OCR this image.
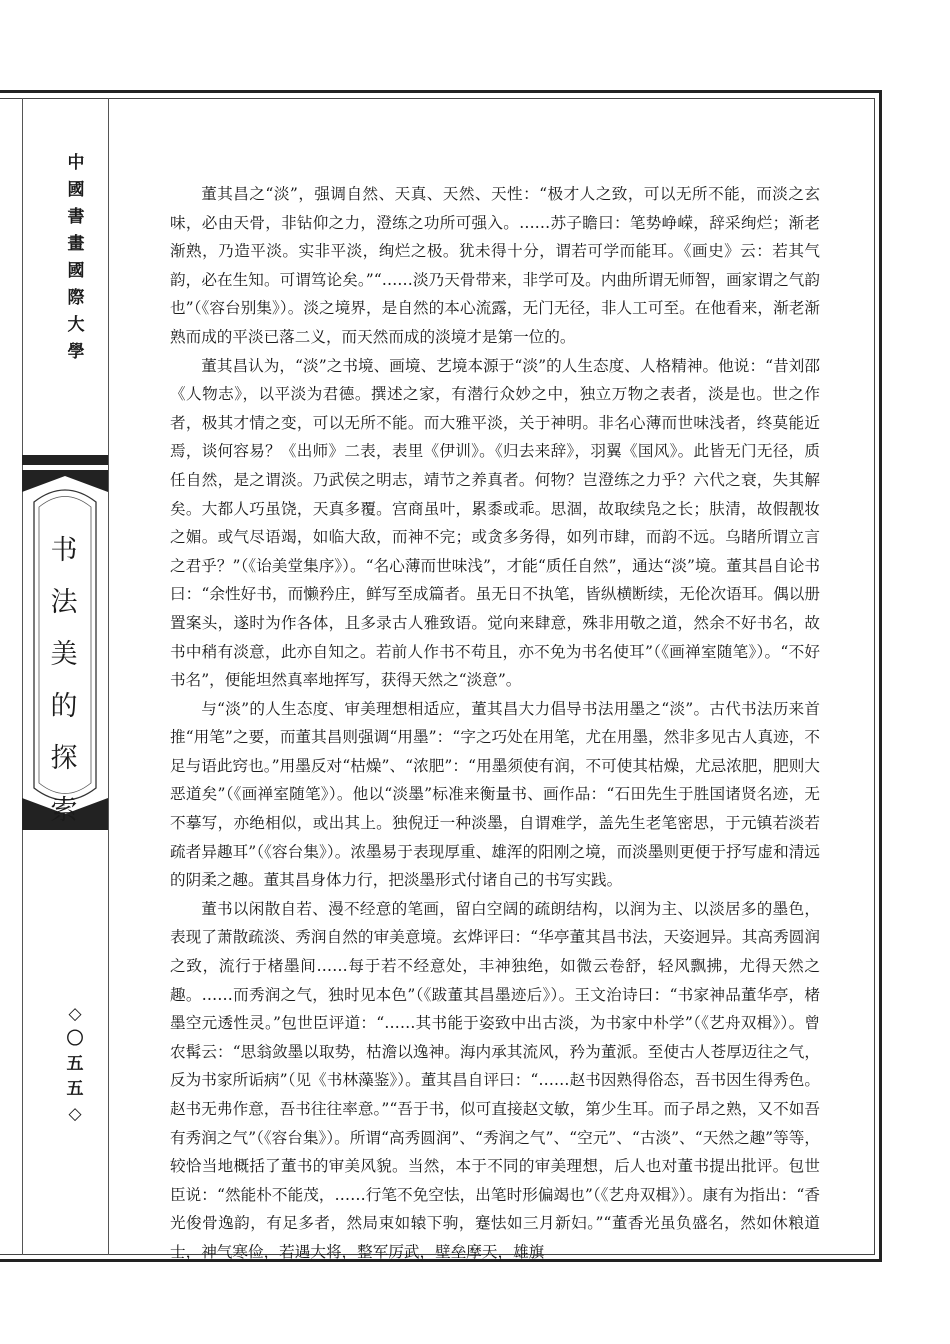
中
國
書
畫
國
際
大
學
书
法
美
的
探
索
◇
〇
五
五
◇

董其昌之“淡”，强调自然、天真、天然、天性：“极才人之致，可以无所不能，而淡之玄味，必由天骨，非钻仰之力，澄练之功所可强入。……苏子瞻曰：笔势峥嵘，辞采绚烂；渐老渐熟，乃造平淡。实非平淡，绚烂之极。犹未得十分，谓若可学而能耳。《画史》云：若其气韵，必在生知。可谓笃论矣。”“……淡乃天骨带来，非学可及。内曲所谓无师智，画家谓之气韵也”（《容台别集》）。淡之境界，是自然的本心流露，无门无径，非人工可至。在他看来，渐老渐熟而成的平淡已落二义，而天然而成的淡境才是第一位的。

董其昌认为，“淡”之书境、画境、艺境本源于“淡”的人生态度、人格精神。他说：“昔刘邵《人物志》，以平淡为君德。撰述之家，有潜行众妙之中，独立万物之表者，淡是也。世之作者，极其才情之变，可以无所不能。而大雅平淡，关于神明。非名心薄而世味浅者，终莫能近焉，谈何容易？《出师》二表，表里《伊训》。《归去来辞》，羽翼《国风》。此皆无门无径，质任自然，是之谓淡。乃武侯之明志，靖节之养真者。何物？岂澄练之力乎？六代之衰，失其解矣。大都人巧虽饶，天真多覆。宫商虽叶，累黍或乖。思涸，故取续凫之长；肤清，故假靓妆之媚。或气尽语竭，如临大敌，而神不完；或贪多务得，如列市肆，而韵不远。乌睹所谓立言之君乎？”（《诒美堂集序》）。“名心薄而世味浅”，才能“质任自然”，通达“淡”境。董其昌自论书曰：“余性好书，而懒矜庄，鲜写至成篇者。虽无日不执笔，皆纵横断续，无伦次语耳。偶以册置案头，遂时为作各体，且多录古人雅致语。觉向来肆意，殊非用敬之道，然余不好书名，故书中稍有淡意，此亦自知之。若前人作书不苟且，亦不免为书名使耳”（《画禅室随笔》）。“不好书名”，便能坦然真率地挥写，获得天然之“淡意”。

与“淡”的人生态度、审美理想相适应，董其昌大力倡导书法用墨之“淡”。古代书法历来首推“用笔”之要，而董其昌则强调“用墨”：“字之巧处在用笔，尤在用墨，然非多见古人真迹，不足与语此窍也。”用墨反对“枯燥”、“浓肥”：“用墨须使有润，不可使其枯燥，尤忌浓肥，肥则大恶道矣”（《画禅室随笔》）。他以“淡墨”标准来衡量书、画作品：“石田先生于胜国诸贤名迹，无不摹写，亦绝相似，或出其上。独倪迂一种淡墨，自谓难学，盖先生老笔密思，于元镇若淡若疏者异趣耳”（《容台集》）。浓墨易于表现厚重、雄浑的阳刚之境，而淡墨则更便于抒写虚和清远的阴柔之趣。董其昌身体力行，把淡墨形式付诸自己的书写实践。

董书以闲散自若、漫不经意的笔画，留白空阔的疏朗结构，以润为主、以淡居多的墨色，表现了萧散疏淡、秀润自然的审美意境。玄烨评曰：“华亭董其昌书法，天姿迥异。其高秀圆润之致，流行于楮墨间……每于若不经意处，丰神独绝，如微云卷舒，轻风飘拂，尤得天然之趣。……而秀润之气，独时见本色”（《跋董其昌墨迹后》）。王文治诗曰：“书家神品董华亭，楮墨空元透性灵。”包世臣评道：“……其书能于姿致中出古淡，为书家中朴学”（《艺舟双楫》）。曾农髯云：“思翁敛墨以取势，枯澹以逸神。海内承其流风，矜为董派。至使古人苍厚迈往之气，反为书家所诟病”（见《书林藻鉴》）。董其昌自评曰：“……赵书因熟得俗态，吾书因生得秀色。赵书无弗作意，吾书往往率意。”“吾于书，似可直接赵文敏，第少生耳。而子昂之熟，又不如吾有秀润之气”（《容台集》）。所谓“高秀圆润”、“秀润之气”、“空元”、“古淡”、“天然之趣”等等，较恰当地概括了董书的审美风貌。当然，本于不同的审美理想，后人也对董书提出批评。包世臣说：“然能朴不能茂，……行笔不免空怯，出笔时形偏竭也”（《艺舟双楫》）。康有为指出：“香光俊骨逸韵，有足多者，然局束如辕下驹，蹇怯如三月新妇。”“董香光虽负盛名，然如休粮道士，神气寒俭，若遇大将，整军厉武，壁垒摩天，雄旗
